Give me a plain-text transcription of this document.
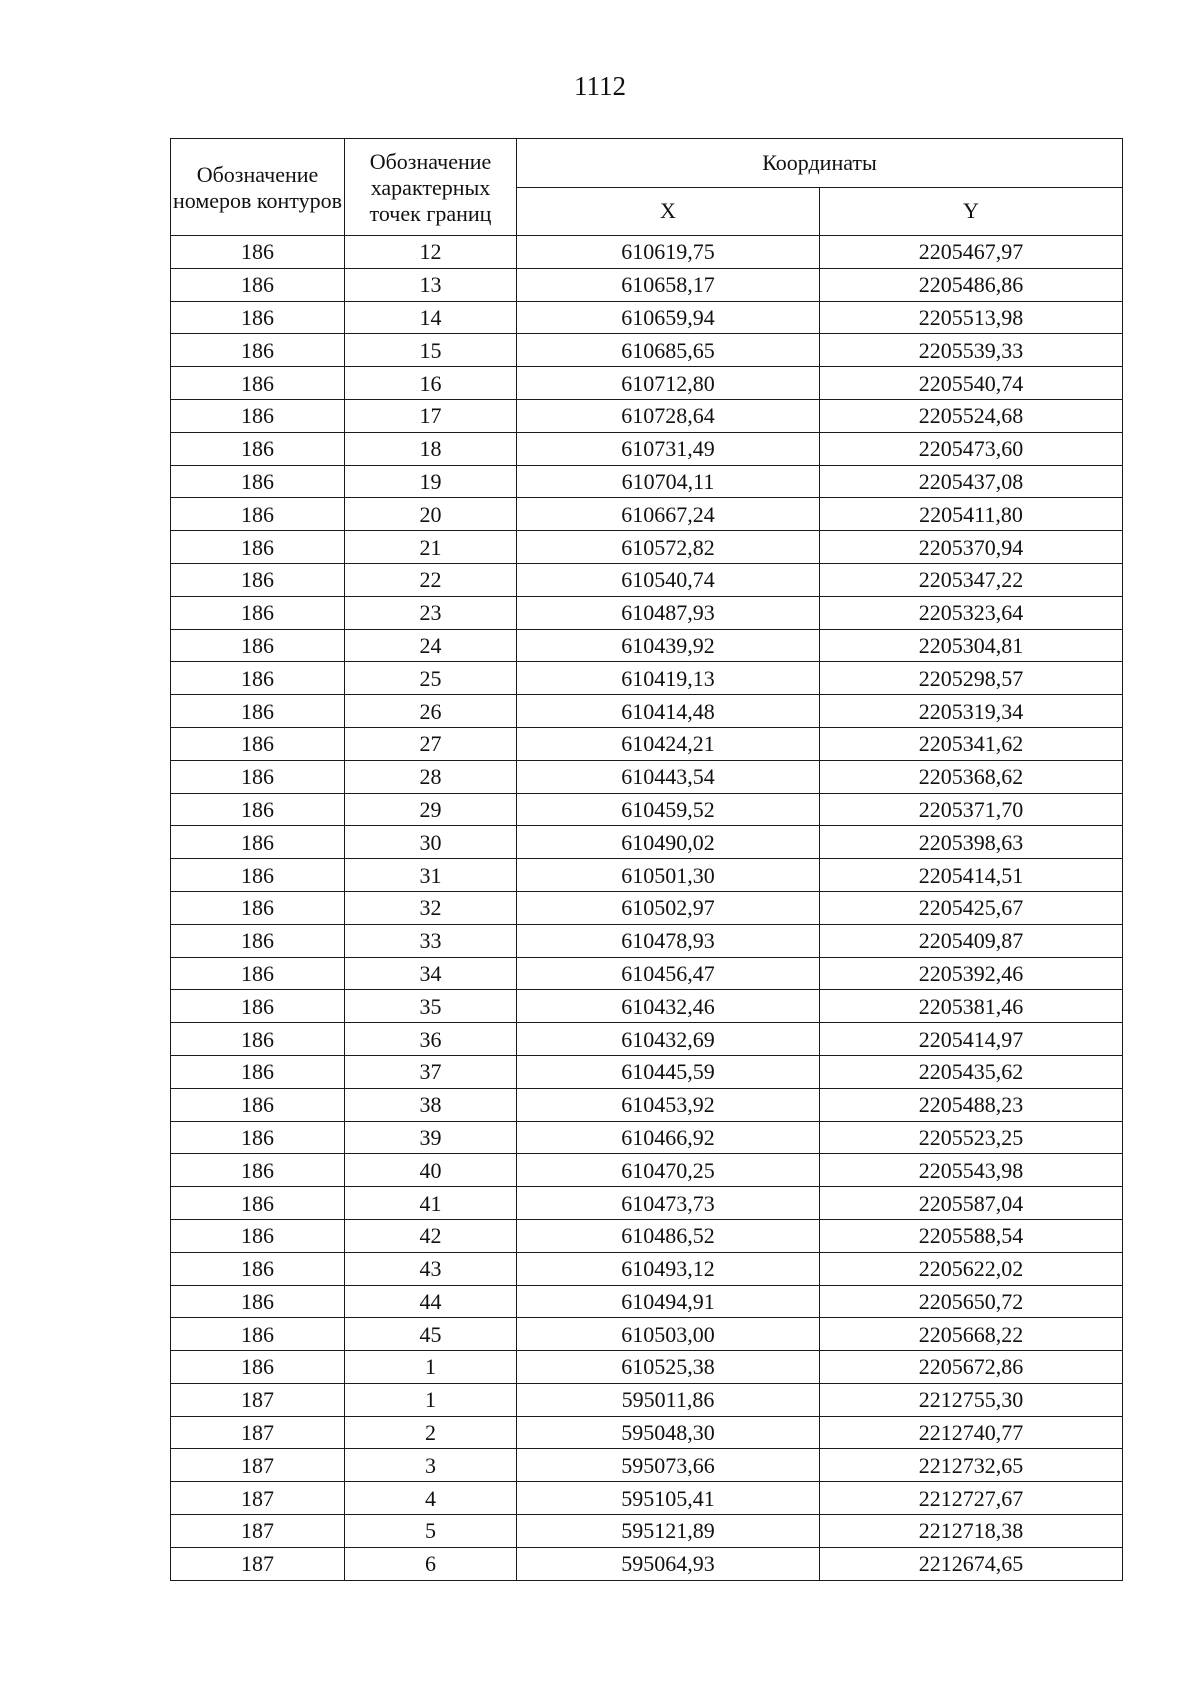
1112
Обозначение номеров контуров	Обозначение характерных точек границ	Координаты	
		X	Y
186	12	610619,75	2205467,97
186	13	610658,17	2205486,86
186	14	610659,94	2205513,98
186	15	610685,65	2205539,33
186	16	610712,80	2205540,74
186	17	610728,64	2205524,68
186	18	610731,49	2205473,60
186	19	610704,11	2205437,08
186	20	610667,24	2205411,80
186	21	610572,82	2205370,94
186	22	610540,74	2205347,22
186	23	610487,93	2205323,64
186	24	610439,92	2205304,81
186	25	610419,13	2205298,57
186	26	610414,48	2205319,34
186	27	610424,21	2205341,62
186	28	610443,54	2205368,62
186	29	610459,52	2205371,70
186	30	610490,02	2205398,63
186	31	610501,30	2205414,51
186	32	610502,97	2205425,67
186	33	610478,93	2205409,87
186	34	610456,47	2205392,46
186	35	610432,46	2205381,46
186	36	610432,69	2205414,97
186	37	610445,59	2205435,62
186	38	610453,92	2205488,23
186	39	610466,92	2205523,25
186	40	610470,25	2205543,98
186	41	610473,73	2205587,04
186	42	610486,52	2205588,54
186	43	610493,12	2205622,02
186	44	610494,91	2205650,72
186	45	610503,00	2205668,22
186	1	610525,38	2205672,86
187	1	595011,86	2212755,30
187	2	595048,30	2212740,77
187	3	595073,66	2212732,65
187	4	595105,41	2212727,67
187	5	595121,89	2212718,38
187	6	595064,93	2212674,65
